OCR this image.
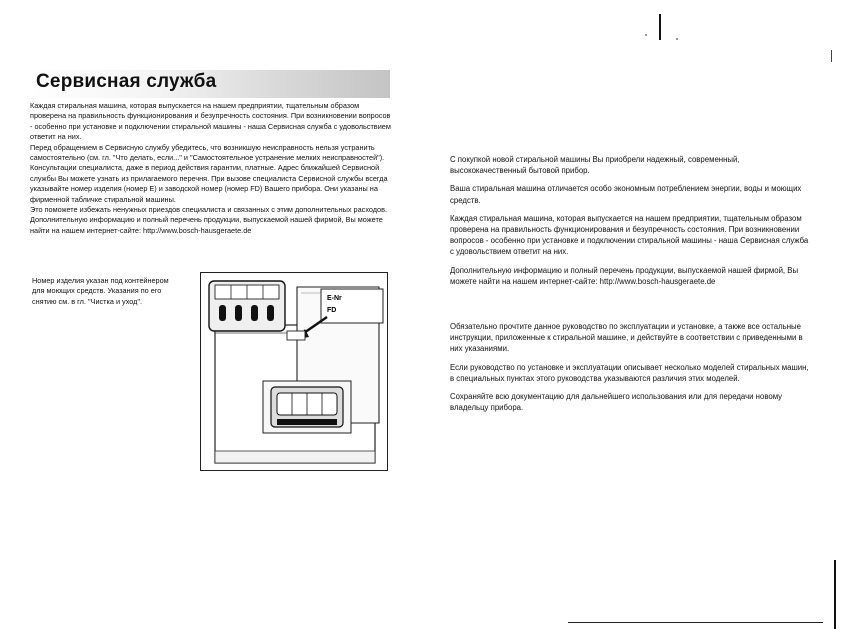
Сервисная служба

Каждая стиральная машина, которая выпускается на нашем предприятии, тщательным образом проверена на правильность функционирования и безупречность состояния. При возникновении вопросов - особенно при установке и подключении стиральной машины - наша Сервисная служба с удовольствием ответит на них.

Перед обращением в Сервисную службу убедитесь, что возникшую неисправность нельзя устранить самостоятельно (см. гл. "Что делать, если..." и "Самостоятельное устранение мелких неисправностей"). Консультации специалиста, даже в период действия гарантии, платные. Адрес ближайшей Сервисной службы Вы можете узнать из прилагаемого перечня. При вызове специалиста Сервисной службы всегда указывайте номер изделия (номер E) и заводской номер (номер FD) Вашего прибора. Они указаны на фирменной табличке стиральной машины.

Это поможете избежать ненужных приездов специалиста и связанных с этим дополнительных расходов.

Дополнительную информацию и полный перечень продукции, выпускаемой нашей фирмой, Вы можете найти на нашем интернет-сайте: http://www.bosch-hausgeraete.de

Номер изделия указан под контейнером для моющих средств. Указания по его снятию см. в гл. "Чистка и уход".	E-Nr
FD

С покупкой новой стиральной машины Вы приобрели надежный, современный, высококачественный бытовой прибор.

Ваша стиральная машина отличается особо экономным потреблением энергии, воды и моющих средств.

Каждая стиральная машина, которая выпускается на нашем предприятии, тщательным образом проверена на правильность функционирования и безупречность состояния. При возникновении вопросов - особенно при установке и подключении стиральной машины - наша Сервисная служба с удовольствием ответит на них.

Дополнительную информацию и полный перечень продукции, выпускаемой нашей фирмой, Вы можете найти на нашем интернет-сайте: http://www.bosch-hausgeraete.de

Обязательно прочтите данное руководство по эксплуатации и установке, а также все остальные инструкции, приложенные к стиральной машине, и действуйте в соответствии с приведенными в них указаниями.

Если руководство по установке и эксплуатации описывает несколько моделей стиральных машин, в специальных пунктах этого руководства указываются различия этих моделей.

Сохраняйте всю документацию для дальнейшего использования или для передачи новому владельцу прибора.
